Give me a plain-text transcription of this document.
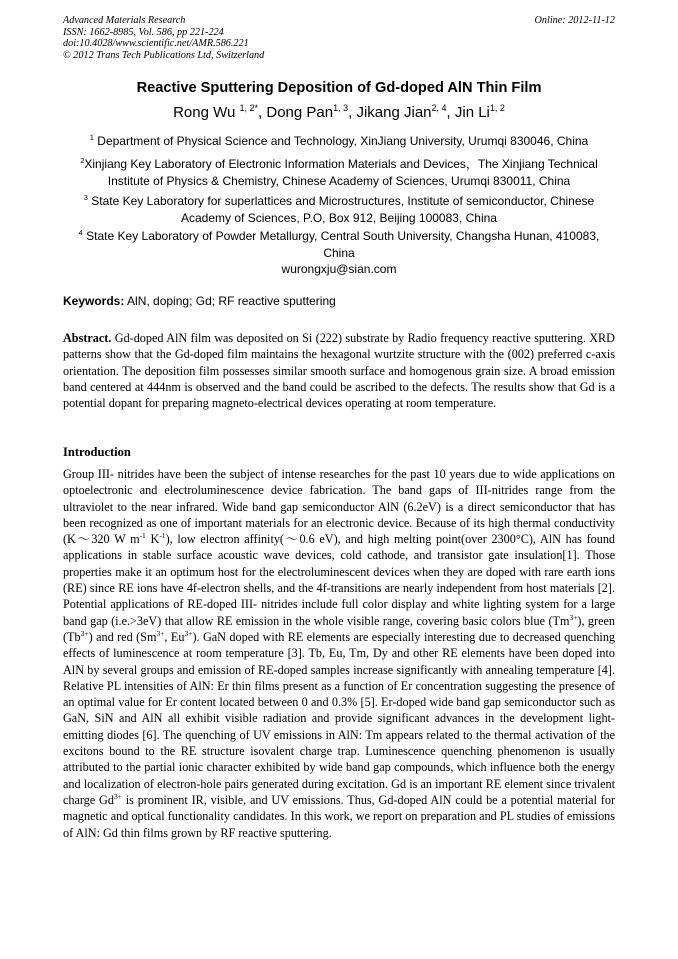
Advanced Materials Research
ISSN: 1662-8985, Vol. 586, pp 221-224
doi:10.4028/www.scientific.net/AMR.586.221
© 2012 Trans Tech Publications Ltd, Switzerland
Online: 2012-11-12
Reactive Sputtering Deposition of Gd-doped AlN Thin Film
Rong Wu $^{1, 2*}$, Dong Pan$^{1, 3}$, Jikang Jian$^{2, 4}$, Jin Li$^{1, 2}$
$^1$ Department of Physical Science and Technology, XinJiang University, Urumqi 830046, China
$^2$Xinjiang Key Laboratory of Electronic Information Materials and Devices，The Xinjiang Technical Institute of Physics & Chemistry, Chinese Academy of Sciences, Urumqi 830011, China
$^3$ State Key Laboratory for superlattices and Microstructures, Institute of semiconductor, Chinese Academy of Sciences, P.O, Box 912, Beijing 100083, China
$^4$ State Key Laboratory of Powder Metallurgy, Central South University, Changsha Hunan, 410083, China
wurongxju@sian.com
Keywords: AlN, doping; Gd; RF reactive sputtering
Abstract. Gd-doped AlN film was deposited on Si (222) substrate by Radio frequency reactive sputtering. XRD patterns show that the Gd-doped film maintains the hexagonal wurtzite structure with the (002) preferred c-axis orientation. The deposition film possesses similar smooth surface and homogenous grain size. A broad emission band centered at 444nm is observed and the band could be ascribed to the defects. The results show that Gd is a potential dopant for preparing magneto-electrical devices operating at room temperature.
Introduction
Group III- nitrides have been the subject of intense researches for the past 10 years due to wide applications on optoelectronic and electroluminescence device fabrication. The band gaps of III-nitrides range from the ultraviolet to the near infrared. Wide band gap semiconductor AlN (6.2eV) is a direct semiconductor that has been recognized as one of important materials for an electronic device. Because of its high thermal conductivity (K～320 W $m^{-1}$ $K^{-1}$), low electron affinity(～0.6 eV), and high melting point(over 2300°C), AlN has found applications in stable surface acoustic wave devices, cold cathode, and transistor gate insulation[1]. Those properties make it an optimum host for the electroluminescent devices when they are doped with rare earth ions (RE) since RE ions have 4f-electron shells, and the 4f-transitions are nearly independent from host materials [2]. Potential applications of RE-doped III- nitrides include full color display and white lighting system for a large band gap (i.e.>3eV) that allow RE emission in the whole visible range, covering basic colors blue $(Tm^{3+})$, green $(Tb^{3+})$ and red ($Sm^{3+}$, $Eu^{3+}$). GaN doped with RE elements are especially interesting due to decreased quenching effects of luminescence at room temperature [3]. Tb, Eu, Tm, Dy and other RE elements have been doped into AlN by several groups and emission of RE-doped samples increase significantly with annealing temperature [4]. Relative PL intensities of AlN: Er thin films present as a function of Er concentration suggesting the presence of an optimal value for Er content located between 0 and 0.3% [5]. Er-doped wide band gap semiconductor such as GaN, SiN and AlN all exhibit visible radiation and provide significant advances in the development light-emitting diodes [6]. The quenching of UV emissions in AlN: Tm appears related to the thermal activation of the excitons bound to the RE structure isovalent charge trap. Luminescence quenching phenomenon is usually attributed to the partial ionic character exhibited by wide band gap compounds, which influence both the energy and localization of electron-hole pairs generated during excitation. Gd is an important RE element since trivalent charge $Gd^{3+}$ is prominent IR, visible, and UV emissions. Thus, Gd-doped AlN could be a potential material for magnetic and optical functionality candidates. In this work, we report on preparation and PL studies of emissions of AlN: Gd thin films grown by RF reactive sputtering.
